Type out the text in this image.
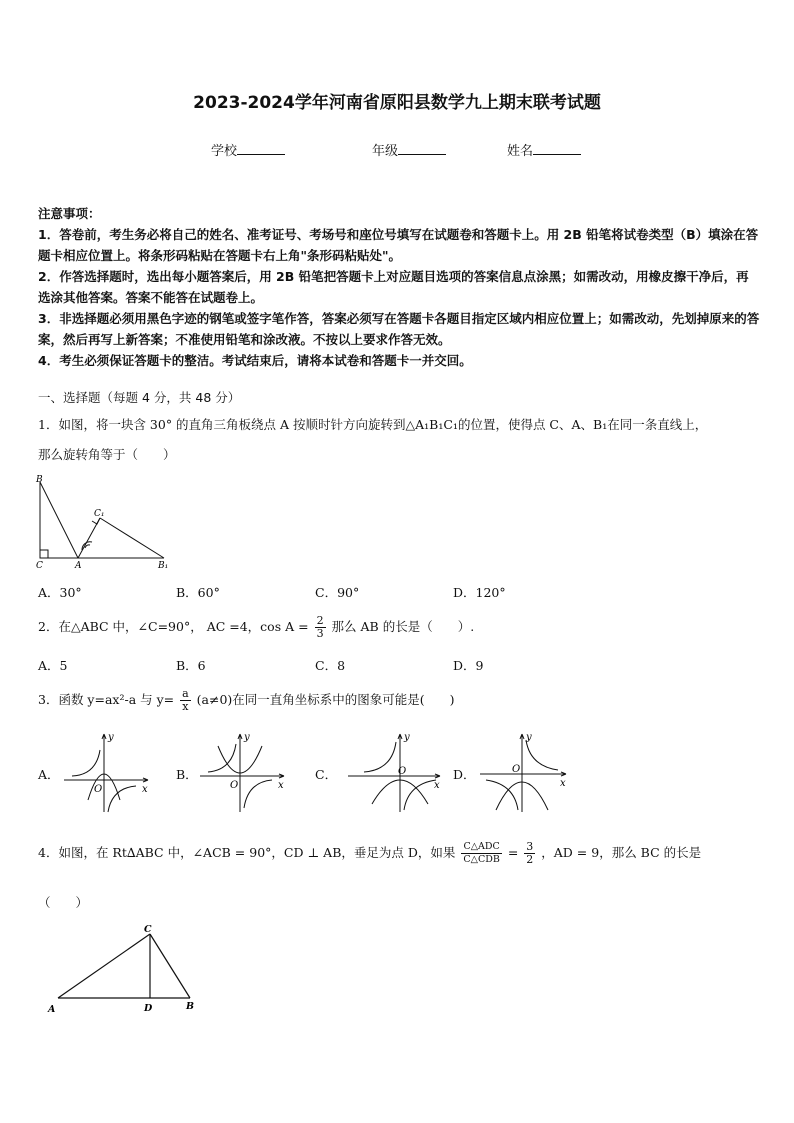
2023-2024学年河南省原阳县数学九上期末联考试题
学校	年级	姓名

注意事项：

1．答卷前，考生务必将自己的姓名、准考证号、考场号和座位号填写在试题卷和答题卡上。用 2B 铅笔将试卷类型（B）填涂在答题卡相应位置上。将条形码粘贴在答题卡右上角"条形码粘贴处"。

2．作答选择题时，选出每小题答案后，用 2B 铅笔把答题卡上对应题目选项的答案信息点涂黑；如需改动，用橡皮擦干净后，再选涂其他答案。答案不能答在试题卷上。

3．非选择题必须用黑色字迹的钢笔或签字笔作答，答案必须写在答题卡各题目指定区域内相应位置上；如需改动，先划掉原来的答案，然后再写上新答案；不准使用铅笔和涂改液。不按以上要求作答无效。

4．考生必须保证答题卡的整洁。考试结束后，请将本试卷和答题卡一并交回。

一、选择题（每题 4 分，共 48 分）
1．如图，将一块含 30° 的直角三角板绕点 A 按顺时针方向旋转到△A₁B₁C₁的位置，使得点 C、A、B₁在同一条直线上，
那么旋转角等于（　　）
B
C₁
C	A	B₁
A．30°	B．60°	C．90°	D．120°
2．在△ABC 中，∠C=90°， AC =4，$\cos A = \frac{2}{3}$ 那么 AB 的长是（　　）.
A．5	B．6	C．8	D．9
3．函数 y=ax²-a 与 $y= \frac{a}{x} (a\ne 0)$在同一直角坐标系中的图象可能是(　　)
A．
y
O	x
B．
y
O	x
C．
y
O
x
D．
y
O
x
4．如图，在 Rt∆ABC 中，∠ACB = 90°，CD ⊥ AB，垂足为点 D，如果 $\frac{\text{C△ADC}}{\text{C△CDB}} = \frac{3}{2}$ ，AD = 9，那么 BC 的长是
（　　）
C
A	D	B
